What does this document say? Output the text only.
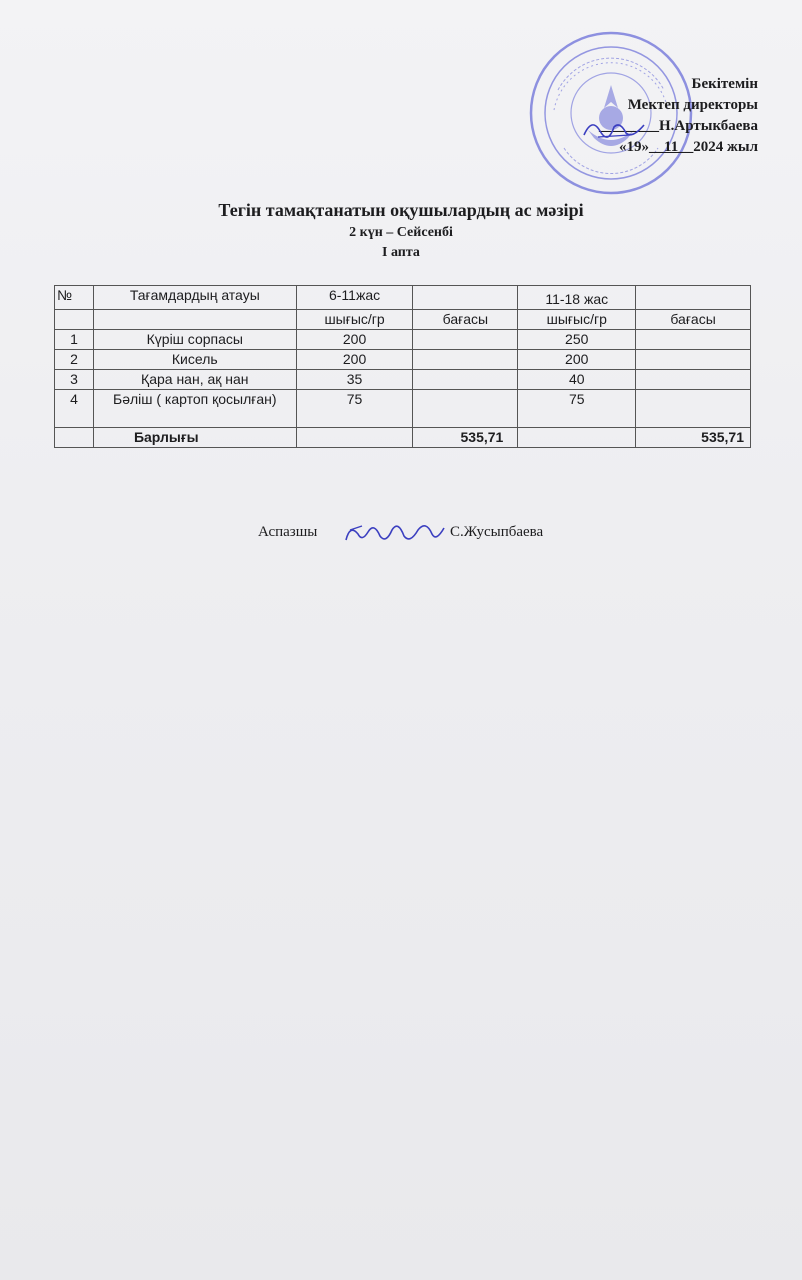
Бекітемін
Мектеп директоры
________Н.Артыкбаева
«19»__11__2024 жыл
Тегін тамақтанатын оқушылардың ас мәзірі
2 күн – Сейсенбі
І апта
№	Тағамдардың атауы	6-11жас		11-18 жас	
		шығыс/гр	бағасы	шығыс/гр	бағасы
1	Күріш сорпасы	200		250	
2	Кисель	200		200	
3	Қара нан, ақ нан	35		40	
4	Бәліш ( картоп қосылған)	75		75	
	Барлығы		535,71		535,71
Аспазшы	С.Жусыпбаева
